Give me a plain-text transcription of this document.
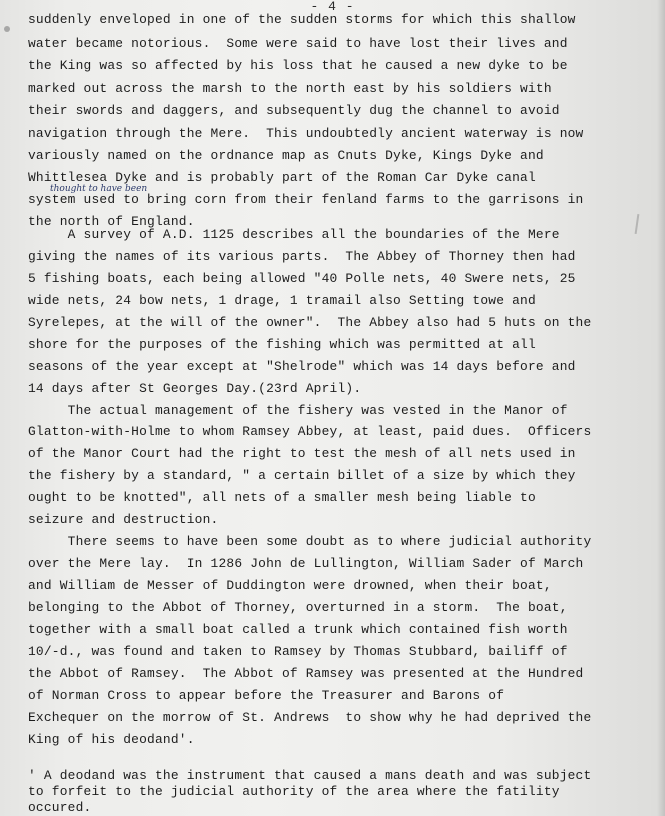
- 4 -

suddenly enveloped in one of the sudden storms for which this shallow

water became notorious.  Some were said to have lost their lives and

the King was so affected by his loss that he caused a new dyke to be

marked out across the marsh to the north east by his soldiers with

their swords and daggers, and subsequently dug the channel to avoid

navigation through the Mere.  This undoubtedly ancient waterway is now

variously named on the ordnance map as Cnuts Dyke, Kings Dyke and

Whittlesea Dyke and is probably part of the Roman Car Dyke canal

system used to bring corn from their fenland farms to the garrisons in

the north of England.

A survey of A.D. 1125 describes all the boundaries of the Mere

giving the names of its various parts.  The Abbey of Thorney then had

5 fishing boats, each being allowed "40 Polle nets, 40 Swere nets, 25

wide nets, 24 bow nets, 1 drage, 1 tramail also Setting towe and

Syrelepes, at the will of the owner".  The Abbey also had 5 huts on the

shore for the purposes of the fishing which was permitted at all

seasons of the year except at "Shelrode" which was 14 days before and

14 days after St Georges Day.(23rd April).

The actual management of the fishery was vested in the Manor of

Glatton-with-Holme to whom Ramsey Abbey, at least, paid dues.  Officers

of the Manor Court had the right to test the mesh of all nets used in

the fishery by a standard, " a certain billet of a size by which they

ought to be knotted", all nets of a smaller mesh being liable to

seizure and destruction.

There seems to have been some doubt as to where judicial authority

over the Mere lay.  In 1286 John de Lullington, William Sader of March

and William de Messer of Duddington were drowned, when their boat,

belonging to the Abbot of Thorney, overturned in a storm.  The boat,

together with a small boat called a trunk which contained fish worth

10/-d., was found and taken to Ramsey by Thomas Stubbard, bailiff of

the Abbot of Ramsey.  The Abbot of Ramsey was presented at the Hundred

of Norman Cross to appear before the Treasurer and Barons of

Exchequer on the morrow of St. Andrews  to show why he had deprived the

King of his deodand'.

thought to have been

' A deodand was the instrument that caused a mans death and was subject

to forfeit to the judicial authority of the area where the fatility

occured.
